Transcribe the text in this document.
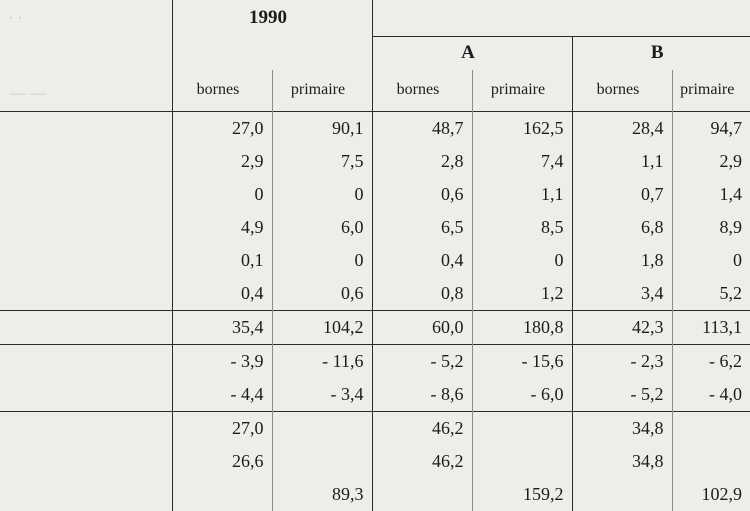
· ·
— —
	1990					
			A		B	
	bornes	primaire	bornes	primaire	bornes	primaire
	27,0	90,1	48,7	162,5	28,4	94,7
	2,9	7,5	2,8	7,4	1,1	2,9
	0	0	0,6	1,1	0,7	1,4
	4,9	6,0	6,5	8,5	6,8	8,9
	0,1	0	0,4	0	1,8	0
	0,4	0,6	0,8	1,2	3,4	5,2
	35,4	104,2	60,0	180,8	42,3	113,1
	- 3,9	- 11,6	- 5,2	- 15,6	- 2,3	- 6,2
	- 4,4	- 3,4	- 8,6	- 6,0	- 5,2	- 4,0
	27,0		46,2		34,8	
	26,6		46,2		34,8	
		89,3		159,2		102,9
